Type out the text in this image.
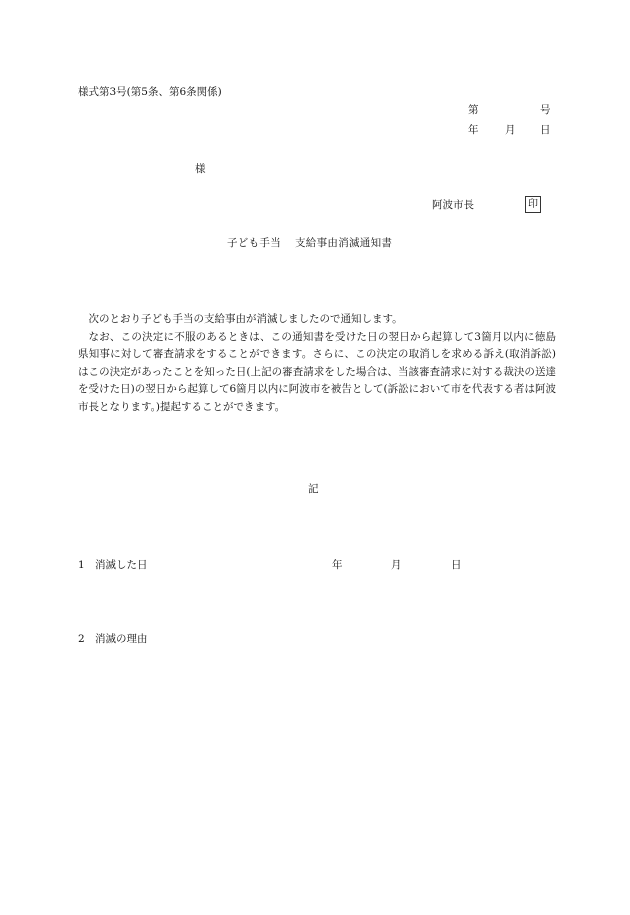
様式第3号(第5条、第6条関係)
第	号
年	月 日
様
阿波市長	印
子ども手当 支給事由消滅通知書

次のとおり子ども手当の支給事由が消滅しましたので通知します。

なお、この決定に不服のあるときは、この通知書を受けた日の翌日から起算して3箇月以内に徳島県知事に対して審査請求をすることができます。さらに、この決定の取消しを求める訴え(取消訴訟)はこの決定があったことを知った日(上記の審査請求をした場合は、当該審査請求に対する裁決の送達を受けた日)の翌日から起算して6箇月以内に阿波市を被告として(訴訟において市を代表する者は阿波市長となります。)提起することができます。

記
1 消滅した日	年	月	日
2 消滅の理由
